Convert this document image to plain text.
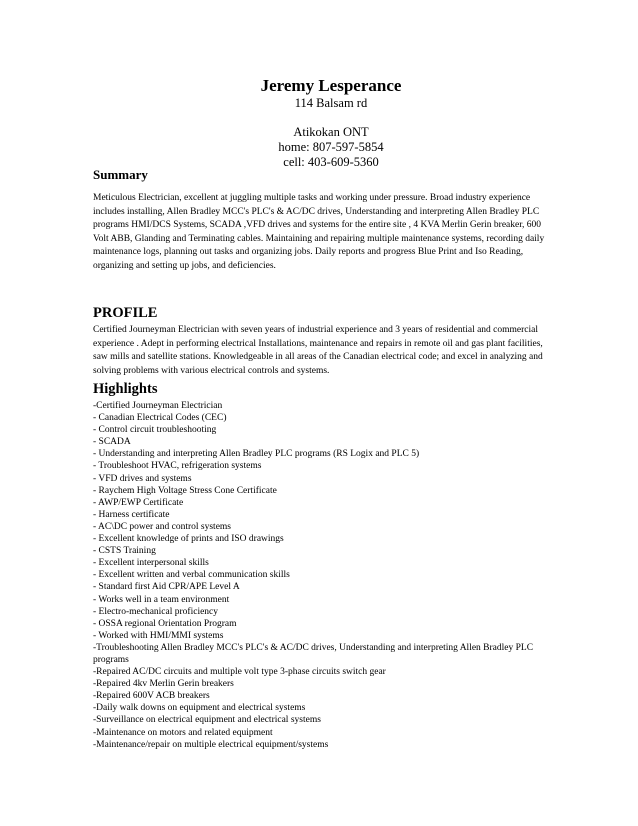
Jeremy Lesperance
114 Balsam rd
Atikokan ONT
home: 807-597-5854
cell: 403-609-5360
Summary
Meticulous Electrician, excellent at juggling multiple tasks and working under pressure. Broad industry experience includes installing, Allen Bradley MCC's PLC's & AC/DC drives, Understanding and interpreting Allen Bradley PLC programs HMI/DCS Systems, SCADA ,VFD drives and systems for the entire site , 4 KVA Merlin Gerin breaker, 600 Volt ABB, Glanding and Terminating cables. Maintaining and repairing multiple maintenance systems, recording daily maintenance logs, planning out tasks and organizing jobs. Daily reports and progress Blue Print and Iso Reading, organizing and setting up jobs, and deficiencies.
PROFILE
Certified Journeyman Electrician with seven years of industrial experience and 3 years of residential and commercial experience . Adept in performing electrical Installations, maintenance and repairs in remote oil and gas plant facilities, saw mills and satellite stations. Knowledgeable in all areas of the Canadian electrical code; and excel in analyzing and solving problems with various electrical controls and systems.
Highlights
-Certified Journeyman Electrician
- Canadian Electrical Codes (CEC)
- Control circuit troubleshooting
- SCADA
- Understanding and interpreting Allen Bradley PLC programs (RS Logix and PLC 5)
- Troubleshoot HVAC, refrigeration systems
- VFD drives and systems
- Raychem High Voltage Stress Cone Certificate
- AWP/EWP Certificate
- Harness certificate
- AC\DC power and control systems
- Excellent knowledge of prints and ISO drawings
- CSTS Training
- Excellent interpersonal skills
- Excellent written and verbal communication skills
- Standard first Aid CPR/APE Level A
- Works well in a team environment
- Electro-mechanical proficiency
- OSSA regional Orientation Program
- Worked with HMI/MMI systems
-Troubleshooting Allen Bradley MCC's PLC's & AC/DC drives, Understanding and interpreting Allen Bradley PLC programs
-Repaired AC/DC circuits and multiple volt type 3-phase circuits switch gear
-Repaired 4kv Merlin Gerin breakers
-Repaired 600V ACB breakers
-Daily walk downs on equipment and electrical systems
-Surveillance on electrical equipment and electrical systems
-Maintenance on motors and related equipment
-Maintenance/repair on multiple electrical equipment/systems
